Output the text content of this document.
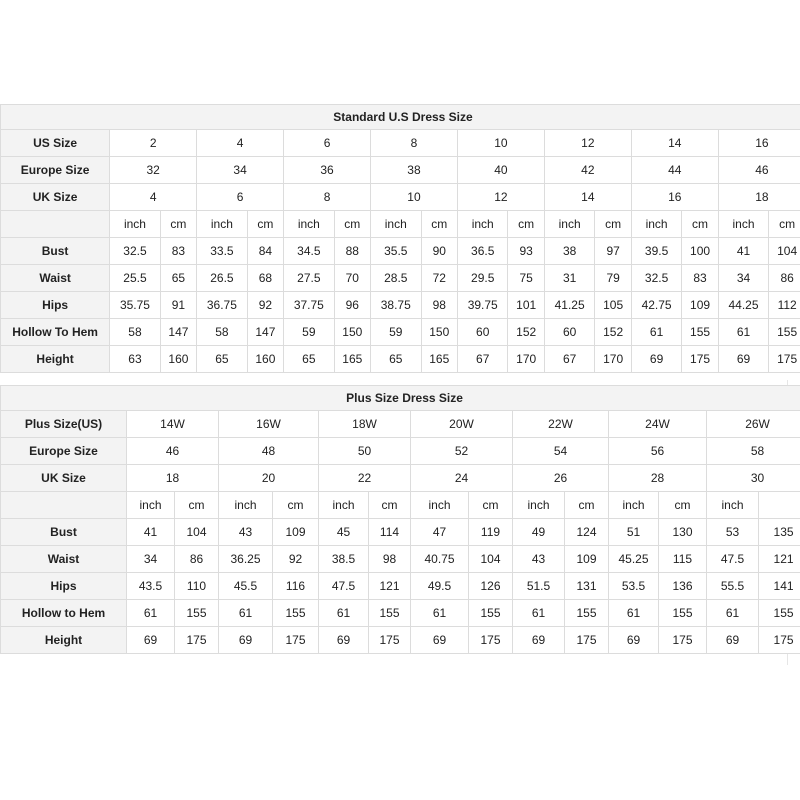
Standard U.S Dress Size																
US Size	2		4		6		8		10		12		14		16	
Europe Size	32		34		36		38		40		42		44		46	
UK Size	4		6		8		10		12		14		16		18	
	inch	cm	inch	cm	inch	cm	inch	cm	inch	cm	inch	cm	inch	cm	inch	cm
Bust	32.5	83	33.5	84	34.5	88	35.5	90	36.5	93	38	97	39.5	100	41	104
Waist	25.5	65	26.5	68	27.5	70	28.5	72	29.5	75	31	79	32.5	83	34	86
Hips	35.75	91	36.75	92	37.75	96	38.75	98	39.75	101	41.25	105	42.75	109	44.25	112
Hollow To Hem	58	147	58	147	59	150	59	150	60	152	60	152	61	155	61	155
Height	63	160	65	160	65	165	65	165	67	170	67	170	69	175	69	175
Plus Size Dress Size														
Plus Size(US)	14W		16W		18W		20W		22W		24W		26W	
Europe Size	46		48		50		52		54		56		58	
UK Size	18		20		22		24		26		28		30	
	inch	cm	inch	cm	inch	cm	inch	cm	inch	cm	inch	cm	inch	
Bust	41	104	43	109	45	114	47	119	49	124	51	130	53	135
Waist	34	86	36.25	92	38.5	98	40.75	104	43	109	45.25	115	47.5	121
Hips	43.5	110	45.5	116	47.5	121	49.5	126	51.5	131	53.5	136	55.5	141
Hollow to Hem	61	155	61	155	61	155	61	155	61	155	61	155	61	155
Height	69	175	69	175	69	175	69	175	69	175	69	175	69	175
